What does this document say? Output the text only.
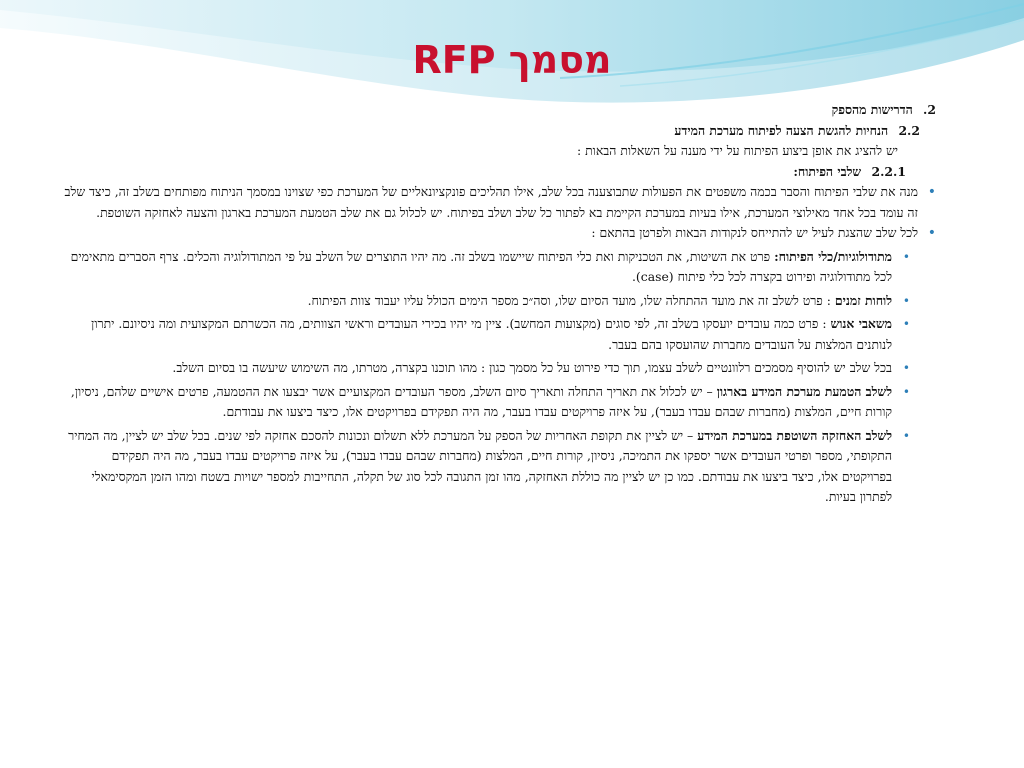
מסמך RFP
2. הדרישות מהספק
2.2 הנחיות להגשת הצעה לפיתוח מערכת המידע
יש להציג את אופן ביצוע הפיתוח על ידי מענה על השאלות הבאות :
2.2.1 שלבי הפיתוח:
•
מנה את שלבי הפיתוח והסבר בכמה משפטים את הפעולות שתבוצענה בכל שלב, אילו תהליכים פונקציונאליים של המערכת כפי שצוינו במסמך הניתוח מפותחים בשלב זה, כיצד שלב זה עומד בכל אחד מאילוצי המערכת, אילו בעיות במערכת הקיימת בא לפתור כל שלב ושלב בפיתוח. יש לכלול גם את שלב הטמעת המערכת בארגון והצעה לאחזקה השוטפת.
•
לכל שלב שהצגת לעיל יש להתייחס לנקודות הבאות ולפרטן בהתאם :
•
מתודולוגיות/כלי הפיתוח: פרט את השיטות, את הטכניקות ואת כלי הפיתוח שיישמו בשלב זה. מה יהיו התוצרים של השלב על פי המתודולוגיה והכלים. צרף הסברים מתאימים לכל מתודולוגיה ופירוט בקצרה לכל כלי פיתוח (case).
•
לוחות זמנים : פרט לשלב זה את מועד ההתחלה שלו, מועד הסיום שלו, וסה״כ מספר הימים הכולל עליו יעבוד צוות הפיתוח.
•
משאבי אנוש : פרט כמה עובדים יועסקו בשלב זה, לפי סוגים (מקצועות המחשב). ציין מי יהיו בכירי העובדים וראשי הצוותים, מה הכשרתם המקצועית ומה ניסיונם. יתרון לנותנים המלצות על העובדים מחברות שהועסקו בהם בעבר.
•
בכל שלב יש להוסיף מסמכים רלוונטיים לשלב עצמו, תוך כדי פירוט על כל מסמך כגון : מהו תוכנו בקצרה, מטרתו, מה השימוש שיעשה בו בסיום השלב.
•
לשלב הטמעת מערכת המידע בארגון – יש לכלול את תאריך התחלה ותאריך סיום השלב, מספר העובדים המקצועיים אשר יבצעו את ההטמעה, פרטים אישיים שלהם, ניסיון, קורות חיים, המלצות (מחברות שבהם עבדו בעבר), על איזה פרויקטים עבדו בעבר, מה היה תפקידם בפרויקטים אלו, כיצד ביצעו את עבודתם.
•
לשלב האחזקה השוטפת במערכת המידע – יש לציין את תקופת האחריות של הספק על המערכת ללא תשלום ונכונות להסכם אחזקה לפי שנים. בכל שלב יש לציין, מה המחיר התקופתי, מספר ופרטי העובדים אשר יספקו את התמיכה, ניסיון, קורות חיים, המלצות (מחברות שבהם עבדו בעבר), על איזה פרויקטים עבדו בעבר, מה היה תפקידם בפרויקטים אלו, כיצד ביצעו את עבודתם. כמו כן יש לציין מה כוללת האחזקה, מהו זמן התגובה לכל סוג של תקלה, התחייבות למספר ישויות בשטח ומהו הזמן המקסימאלי לפתרון בעיות.
